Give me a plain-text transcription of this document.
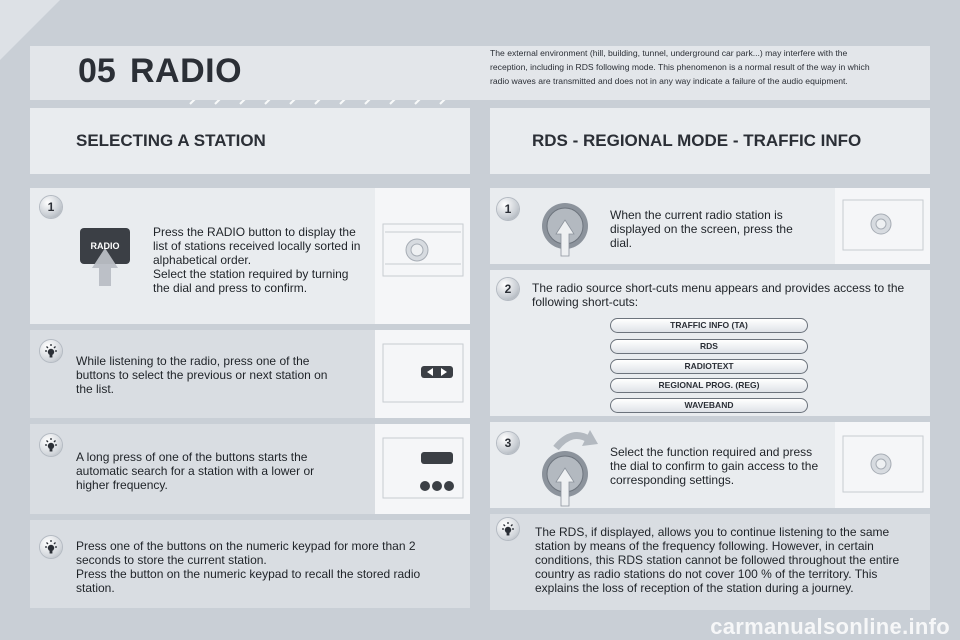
05 RADIO	The external environment (hill, building, tunnel, underground car park...) may interfere with the reception, including in RDS following mode. This phenomenon is a normal result of the way in which radio waves are transmitted and does not in any way indicate a failure of the audio equipment.
SELECTING A STATION
1
RADIO
Press the RADIO button to display the list of stations received locally sorted in alphabetical order.
Select the station required by turning the dial and press to confirm.
While listening to the radio, press one of the buttons to select the previous or next station on the list.
A long press of one of the buttons starts the automatic search for a station with a lower or higher frequency.
Press one of the buttons on the numeric keypad for more than 2 seconds to store the current station.
Press the button on the numeric keypad to recall the stored radio station.
RDS - REGIONAL MODE - TRAFFIC INFO
1	When the current radio station is displayed on the screen, press the dial.
2	The radio source short-cuts menu appears and provides access to the following short-cuts:
TRAFFIC INFO (TA)
RDS
RADIOTEXT
REGIONAL PROG. (REG)
WAVEBAND
3
Select the function required and press the dial to confirm to gain access to the corresponding settings.
The RDS, if displayed, allows you to continue listening to the same station by means of the frequency following. However, in certain conditions, this RDS station cannot be followed throughout the entire country as radio stations do not cover 100 % of the territory. This explains the loss of reception of the station during a journey.
carmanualsonline.info
